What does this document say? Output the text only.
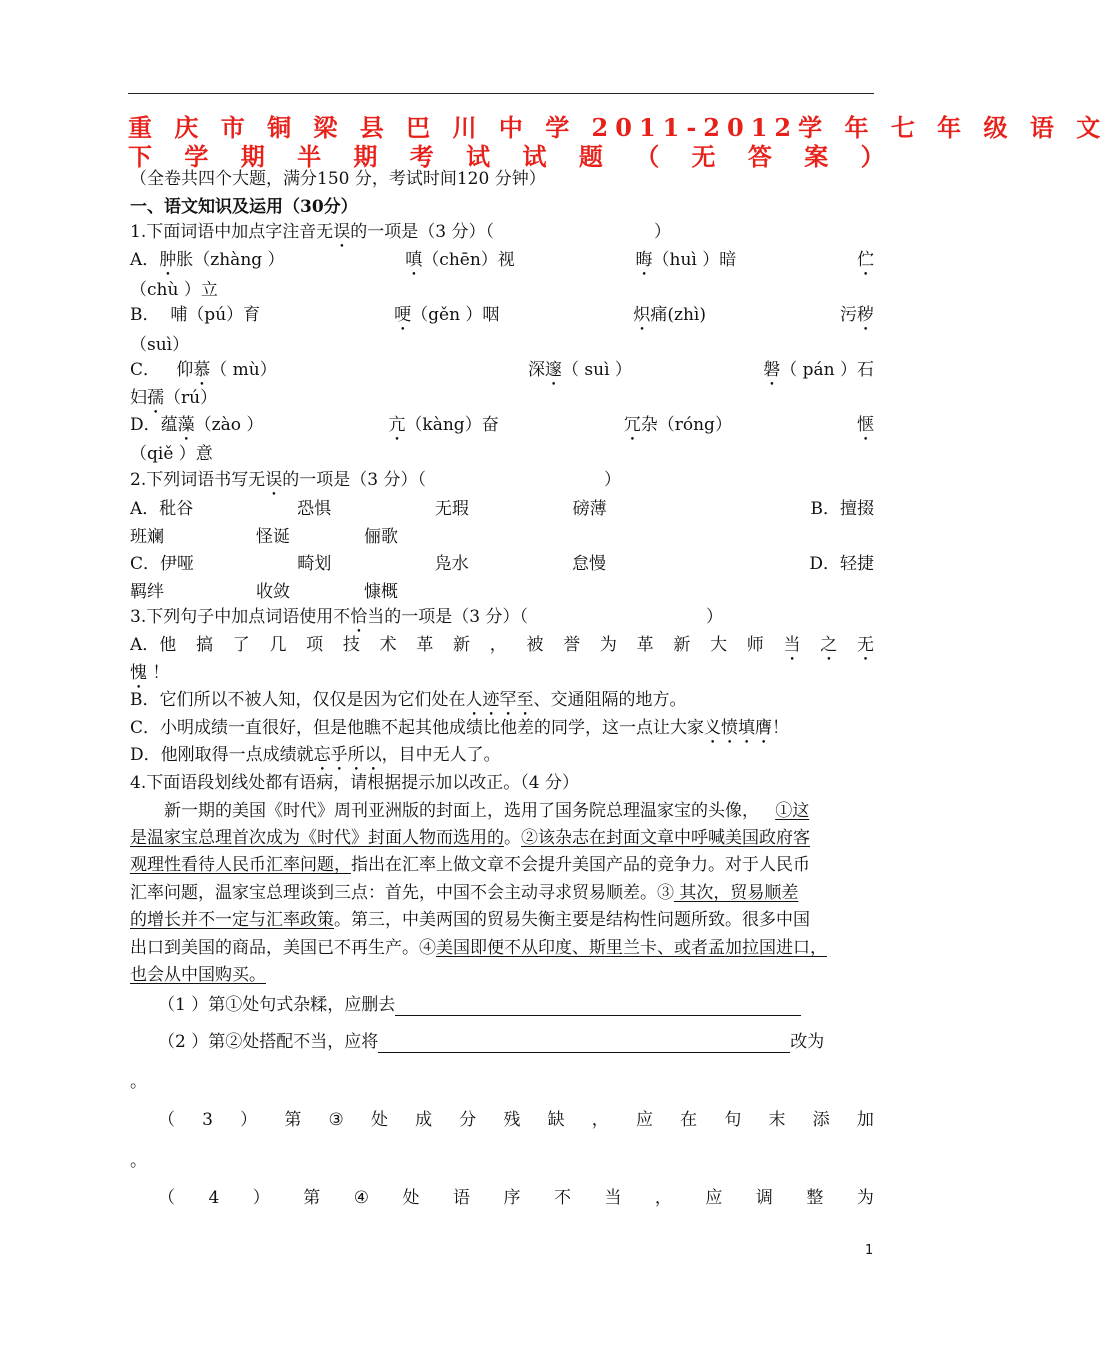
重 庆 市 铜 梁 县 巴 川 中 学 2011-2012学 年 七 年 级 语 文
下 学 期 半 期 考 试 试 题 （ 无 答 案 ）
（全卷共四个大题，满分150 分，考试时间120 分钟）
一、语文知识及运用（30分）
1.下面词语中加点字注音无误的一项是（3 分）（	）
A．肿胀（zhàng ）	嗔（chēn）视	晦（huì ）暗	伫
（chù ）立
B． 哺（pú）育	哽（gěn ）咽	炽痛(zhì)	污秽
（suì）
C． 仰慕（ mù）	深邃（ suì ）	磐（ pán ）石
妇孺（rú）
D．蕴藻（zào ）	亢（kàng）奋	冗杂（róng）	惬
（qiě ）意
2.下列词语书写无误的一项是（3 分）（	）
A．秕谷	恐惧	无瑕	磅薄	B．擅掇
班斓	怪诞	俪歌
C．伊哑	畸划	凫水	怠慢	D．轻捷
羁绊	收敛	慷概
3.下列句子中加点词语使用不恰当的一项是（3 分）（	）
A．他 搞 了 几 项 技 术 革 新 ， 被 誉 为 革 新 大 师 当 之 无
愧 ！
B．它们所以不被人知，仅仅是因为它们处在人迹罕至、交通阻隔的地方。
C．小明成绩一直很好，但是他瞧不起其他成绩比他差的同学，这一点让大家义愤填膺！
D．他刚取得一点成绩就忘乎所以，目中无人了。
4.下面语段划线处都有语病，请根据提示加以改正。（4 分）
新一期的美国《时代》周刊亚洲版的封面上，选用了国务院总理温家宝的头像， ①这
是温家宝总理首次成为《时代》封面人物而选用的。②该杂志在封面文章中呼喊美国政府客
观理性看待人民币汇率问题，指出在汇率上做文章不会提升美国产品的竞争力。对于人民币
汇率问题，温家宝总理谈到三点：首先，中国不会主动寻求贸易顺差。③ 其次，贸易顺差
的增长并不一定与汇率政策。第三，中美两国的贸易失衡主要是结构性问题所致。很多中国
出口到美国的商品，美国已不再生产。④美国即便不从印度、斯里兰卡、或者孟加拉国进口，
也会从中国购买。
（1 ）第①处句式杂糅，应删去
（2 ）第②处搭配不当，应将	改为
。
（ 3 ） 第 ③ 处 成 分 残 缺 ， 应 在 句 末 添 加
。
（ 4 ） 第 ④ 处 语 序 不 当 ， 应 调 整 为
1
